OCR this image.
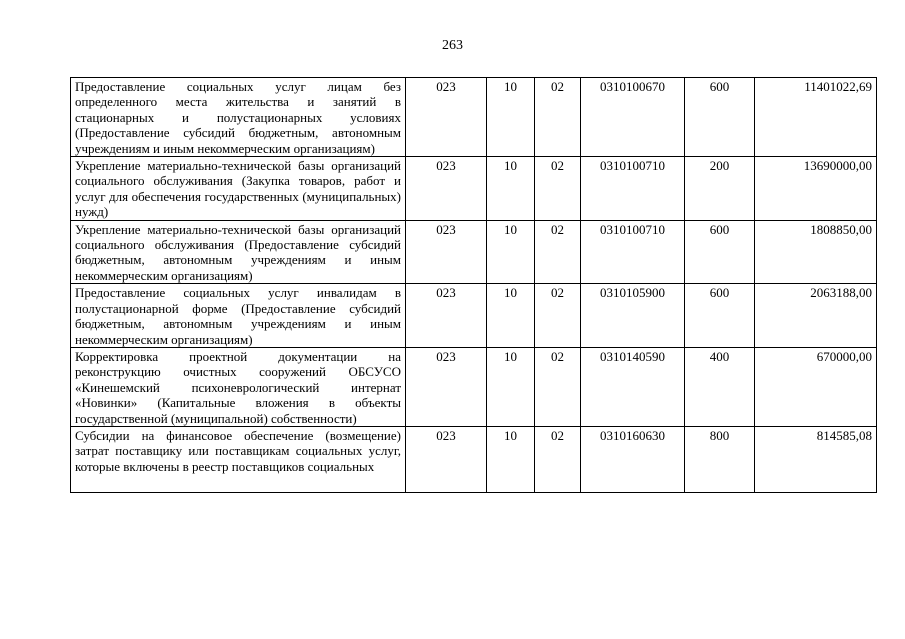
263
Предоставление социальных услуг лицам без определенного места жительства и занятий в стационарных и полустационарных условиях (Предоставление субсидий бюджетным, автономным учреждениям и иным некоммерческим организациям)	023	10	02	0310100670	600	11401022,69
Укрепление материально-технической базы организаций социального обслуживания (Закупка товаров, работ и услуг для обеспечения государственных (муниципальных) нужд)	023	10	02	0310100710	200	13690000,00
Укрепление материально-технической базы организаций социального обслуживания (Предоставление субсидий бюджетным, автономным учреждениям и иным некоммерческим организациям)	023	10	02	0310100710	600	1808850,00
Предоставление социальных услуг инвалидам в полустационарной форме (Предоставление субсидий бюджетным, автономным учреждениям и иным некоммерческим организациям)	023	10	02	0310105900	600	2063188,00
Корректировка проектной документации на реконструкцию очистных сооружений ОБСУСО «Кинешемский психоневрологический интернат «Новинки» (Капитальные вложения в объекты государственной (муниципальной) собственности)	023	10	02	0310140590	400	670000,00
Субсидии на финансовое обеспечение (возмещение) затрат поставщику или поставщикам социальных услуг, которые включены в реестр поставщиков социальных	023	10	02	0310160630	800	814585,08
